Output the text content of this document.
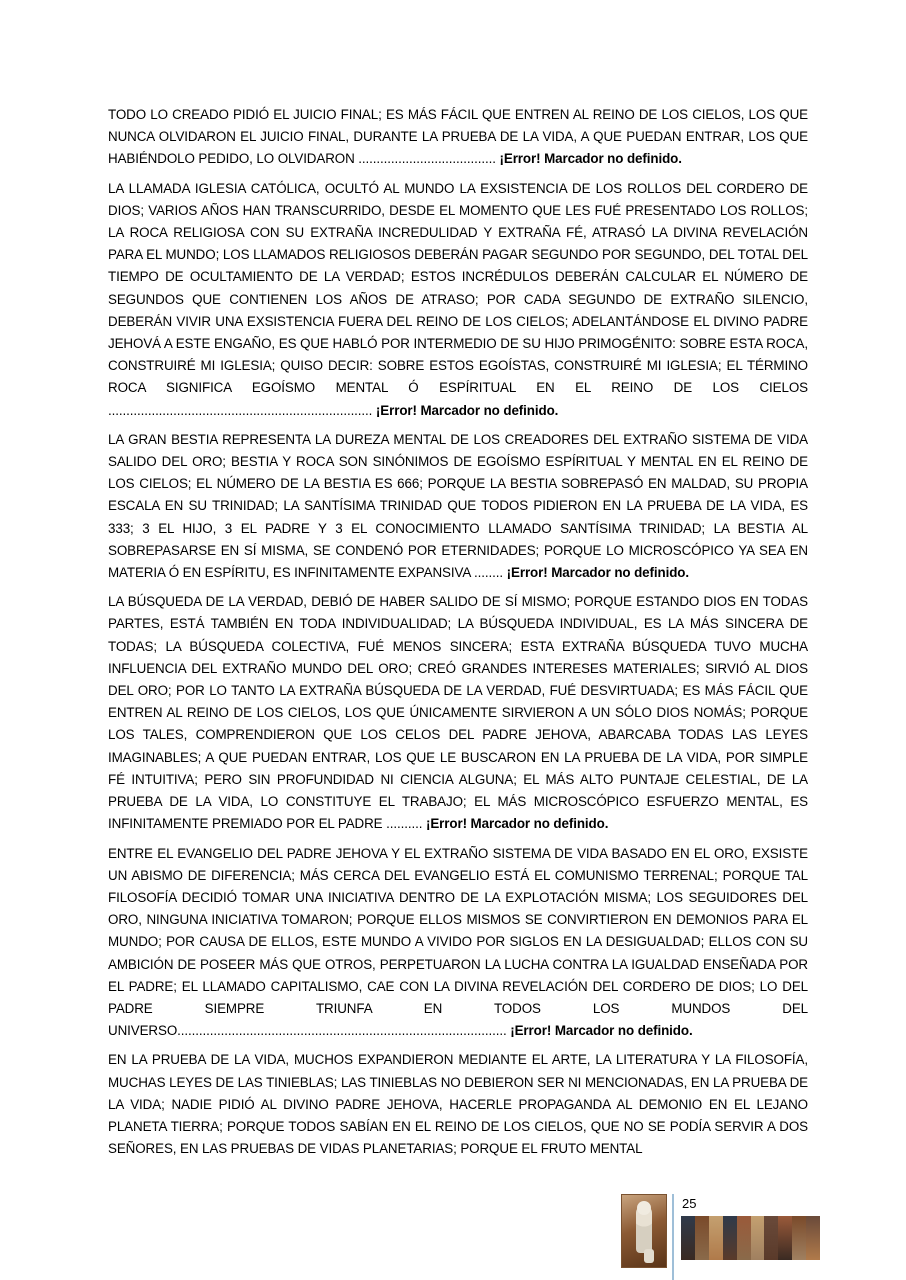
TODO LO CREADO PIDIÓ EL JUICIO FINAL; ES MÁS FÁCIL QUE ENTREN AL REINO DE LOS CIELOS, LOS QUE NUNCA OLVIDARON EL JUICIO FINAL, DURANTE LA PRUEBA DE LA VIDA, A QUE PUEDAN ENTRAR, LOS QUE HABIÉNDOLO PEDIDO, LO OLVIDARON ...................................... ¡Error! Marcador no definido.

LA LLAMADA IGLESIA CATÓLICA, OCULTÓ AL MUNDO LA EXSISTENCIA DE LOS ROLLOS DEL CORDERO DE DIOS; VARIOS AÑOS HAN TRANSCURRIDO, DESDE EL MOMENTO QUE LES FUÉ PRESENTADO LOS ROLLOS; LA ROCA RELIGIOSA CON SU EXTRAÑA INCREDULIDAD Y EXTRAÑA FÉ, ATRASÓ LA DIVINA REVELACIÓN PARA EL MUNDO; LOS LLAMADOS RELIGIOSOS DEBERÁN PAGAR SEGUNDO POR SEGUNDO, DEL TOTAL DEL TIEMPO DE OCULTAMIENTO DE LA VERDAD; ESTOS INCRÉDULOS DEBERÁN CALCULAR EL NÚMERO DE SEGUNDOS QUE CONTIENEN LOS AÑOS DE ATRASO; POR CADA SEGUNDO DE EXTRAÑO SILENCIO, DEBERÁN VIVIR UNA EXSISTENCIA FUERA DEL REINO DE LOS CIELOS; ADELANTÁNDOSE EL DIVINO PADRE JEHOVÁ A ESTE ENGAÑO, ES QUE HABLÓ POR INTERMEDIO DE SU HIJO PRIMOGÉNITO: SOBRE ESTA ROCA, CONSTRUIRÉ MI IGLESIA; QUISO DECIR: SOBRE ESTOS EGOÍSTAS, CONSTRUIRÉ MI IGLESIA; EL TÉRMINO ROCA SIGNIFICA EGOÍSMO MENTAL Ó ESPÍRITUAL EN EL REINO DE LOS CIELOS ......................................................................... ¡Error! Marcador no definido.

LA GRAN BESTIA REPRESENTA LA DUREZA MENTAL DE LOS CREADORES DEL EXTRAÑO SISTEMA DE VIDA SALIDO DEL ORO; BESTIA Y ROCA SON SINÓNIMOS DE EGOÍSMO ESPÍRITUAL Y MENTAL EN EL REINO DE LOS CIELOS; EL NÚMERO DE LA BESTIA ES 666; PORQUE LA BESTIA SOBREPASÓ EN MALDAD, SU PROPIA ESCALA EN SU TRINIDAD; LA SANTÍSIMA TRINIDAD QUE TODOS PIDIERON EN LA PRUEBA DE LA VIDA, ES 333; 3 EL HIJO, 3 EL PADRE Y 3 EL CONOCIMIENTO LLAMADO SANTÍSIMA TRINIDAD; LA BESTIA AL SOBREPASARSE EN SÍ MISMA, SE CONDENÓ POR ETERNIDADES; PORQUE LO MICROSCÓPICO YA SEA EN MATERIA Ó EN ESPÍRITU, ES INFINITAMENTE EXPANSIVA ........ ¡Error! Marcador no definido.

LA BÚSQUEDA DE LA VERDAD, DEBIÓ DE HABER SALIDO DE SÍ MISMO; PORQUE ESTANDO DIOS EN TODAS PARTES, ESTÁ TAMBIÉN EN TODA INDIVIDUALIDAD; LA BÚSQUEDA INDIVIDUAL, ES LA MÁS SINCERA DE TODAS; LA BÚSQUEDA COLECTIVA, FUÉ MENOS SINCERA; ESTA EXTRAÑA BÚSQUEDA TUVO MUCHA INFLUENCIA DEL EXTRAÑO MUNDO DEL ORO; CREÓ GRANDES INTERESES MATERIALES; SIRVIÓ AL DIOS DEL ORO; POR LO TANTO LA EXTRAÑA BÚSQUEDA DE LA VERDAD, FUÉ DESVIRTUADA; ES MÁS FÁCIL QUE ENTREN AL REINO DE LOS CIELOS, LOS QUE ÚNICAMENTE SIRVIERON A UN SÓLO DIOS NOMÁS; PORQUE LOS TALES, COMPRENDIERON QUE LOS CELOS DEL PADRE JEHOVA, ABARCABA TODAS LAS LEYES IMAGINABLES; A QUE PUEDAN ENTRAR, LOS QUE LE BUSCARON EN LA PRUEBA DE LA VIDA, POR SIMPLE FÉ INTUITIVA; PERO SIN PROFUNDIDAD NI CIENCIA ALGUNA; EL MÁS ALTO PUNTAJE CELESTIAL, DE LA PRUEBA DE LA VIDA, LO CONSTITUYE EL TRABAJO; EL MÁS MICROSCÓPICO ESFUERZO MENTAL, ES INFINITAMENTE PREMIADO POR EL PADRE .......... ¡Error! Marcador no definido.

ENTRE EL EVANGELIO DEL PADRE JEHOVA Y EL EXTRAÑO SISTEMA DE VIDA BASADO EN EL ORO, EXSISTE UN ABISMO DE DIFERENCIA; MÁS CERCA DEL EVANGELIO ESTÁ EL COMUNISMO TERRENAL; PORQUE TAL FILOSOFÍA DECIDIÓ TOMAR UNA INICIATIVA DENTRO DE LA EXPLOTACIÓN MISMA; LOS SEGUIDORES DEL ORO, NINGUNA INICIATIVA TOMARON; PORQUE ELLOS MISMOS SE CONVIRTIERON EN DEMONIOS PARA EL MUNDO; POR CAUSA DE ELLOS, ESTE MUNDO A VIVIDO POR SIGLOS EN LA DESIGUALDAD; ELLOS CON SU AMBICIÓN DE POSEER MÁS QUE OTROS, PERPETUARON LA LUCHA CONTRA LA IGUALDAD ENSEÑADA POR EL PADRE; EL LLAMADO CAPITALISMO, CAE CON LA DIVINA REVELACIÓN DEL CORDERO DE DIOS; LO DEL PADRE SIEMPRE TRIUNFA EN TODOS LOS MUNDOS DEL UNIVERSO........................................................................................... ¡Error! Marcador no definido.

EN LA PRUEBA DE LA VIDA, MUCHOS EXPANDIERON MEDIANTE EL ARTE, LA LITERATURA Y LA FILOSOFÍA, MUCHAS LEYES DE LAS TINIEBLAS; LAS TINIEBLAS NO DEBIERON SER NI MENCIONADAS, EN LA PRUEBA DE LA VIDA; NADIE PIDIÓ AL DIVINO PADRE JEHOVA, HACERLE PROPAGANDA AL DEMONIO EN EL LEJANO PLANETA TIERRA; PORQUE TODOS SABÍAN EN EL REINO DE LOS CIELOS, QUE NO SE PODÍA SERVIR A DOS SEÑORES, EN LAS PRUEBAS DE VIDAS PLANETARIAS; PORQUE EL FRUTO MENTAL

25
